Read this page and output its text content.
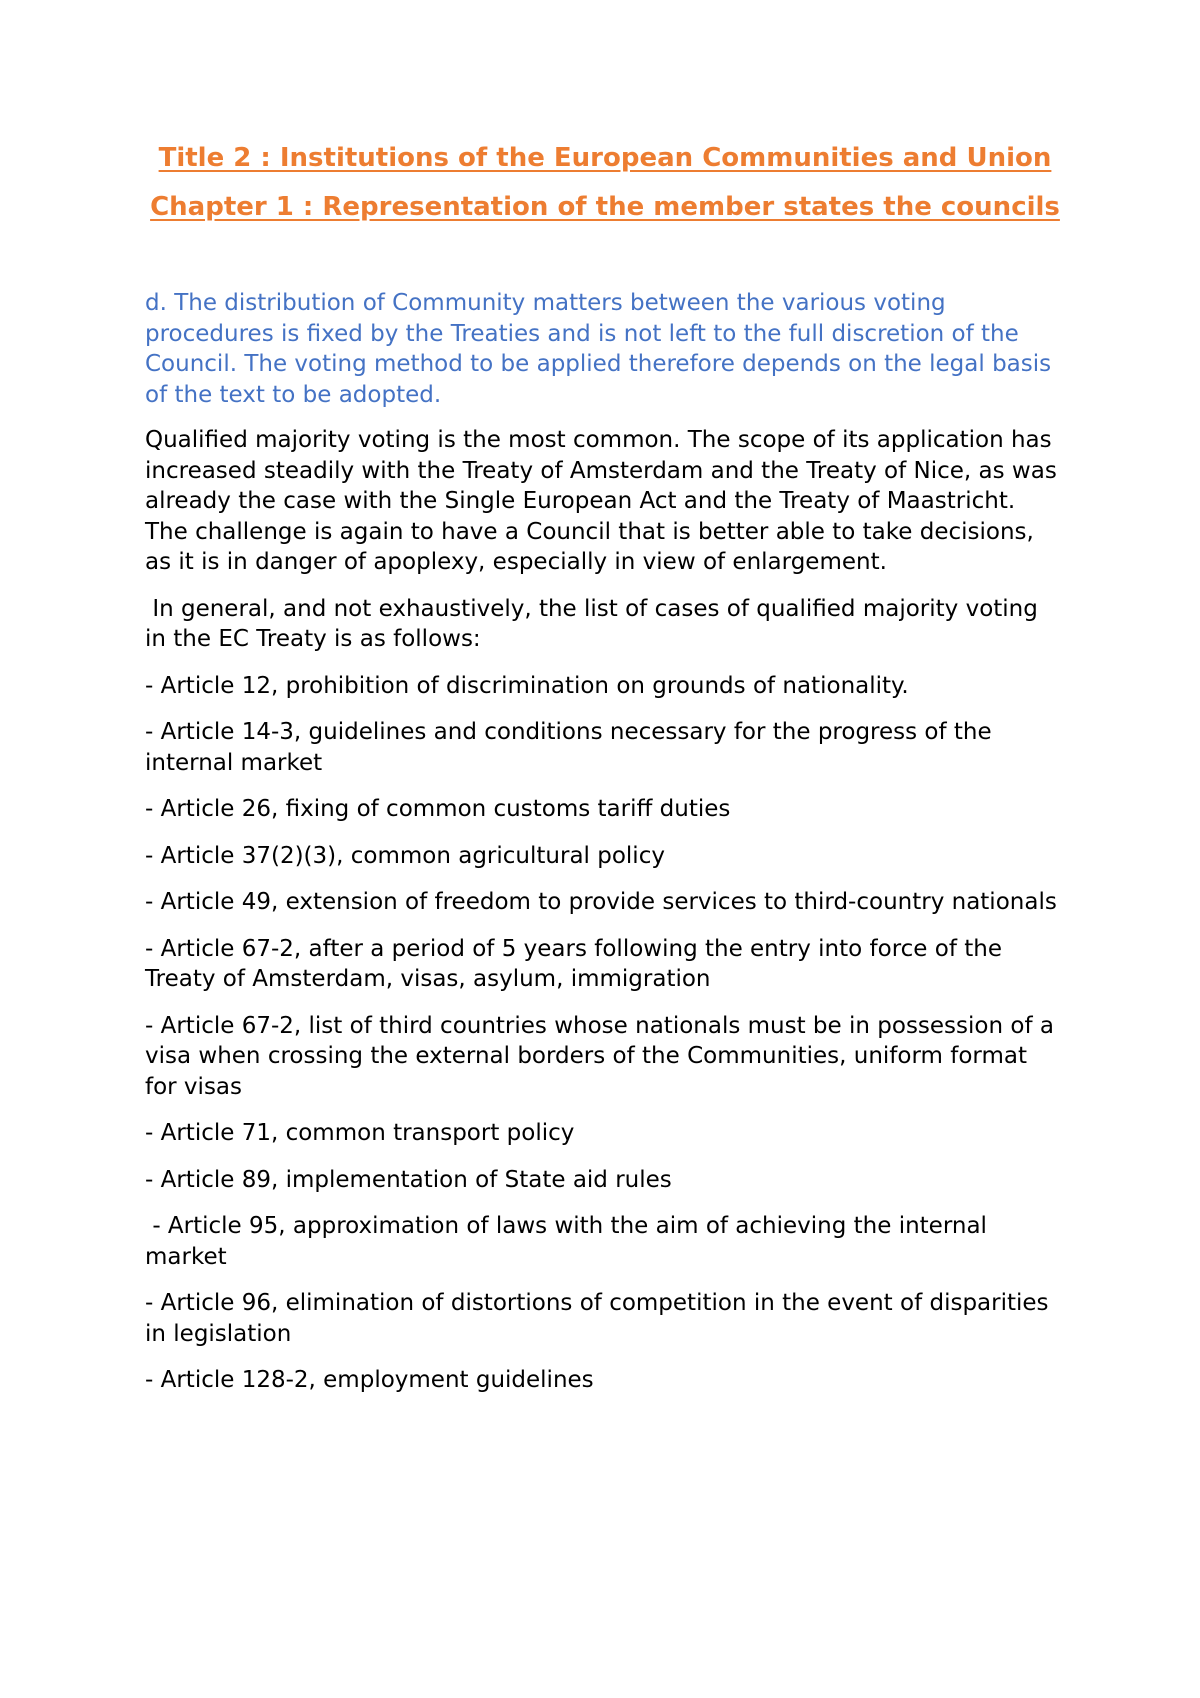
Title 2 : Institutions of the European Communities and Union
Chapter 1 : Representation of the member states the councils

d. The distribution of Community matters between the various voting procedures is fixed by the Treaties and is not left to the full discretion of the Council. The voting method to be applied therefore depends on the legal basis of the text to be adopted.

Qualified majority voting is the most common. The scope of its application has increased steadily with the Treaty of Amsterdam and the Treaty of Nice, as was already the case with the Single European Act and the Treaty of Maastricht. The challenge is again to have a Council that is better able to take decisions, as it is in danger of apoplexy, especially in view of enlargement.

In general, and not exhaustively, the list of cases of qualified majority voting in the EC Treaty is as follows:

- Article 12, prohibition of discrimination on grounds of nationality.

- Article 14-3, guidelines and conditions necessary for the progress of the internal market

- Article 26, fixing of common customs tariff duties

- Article 37(2)(3), common agricultural policy

- Article 49, extension of freedom to provide services to third-country nationals

- Article 67-2, after a period of 5 years following the entry into force of the Treaty of Amsterdam, visas, asylum, immigration

- Article 67-2, list of third countries whose nationals must be in possession of a visa when crossing the external borders of the Communities, uniform format for visas

- Article 71, common transport policy

- Article 89, implementation of State aid rules

- Article 95, approximation of laws with the aim of achieving the internal market

- Article 96, elimination of distortions of competition in the event of disparities in legislation

- Article 128-2, employment guidelines
